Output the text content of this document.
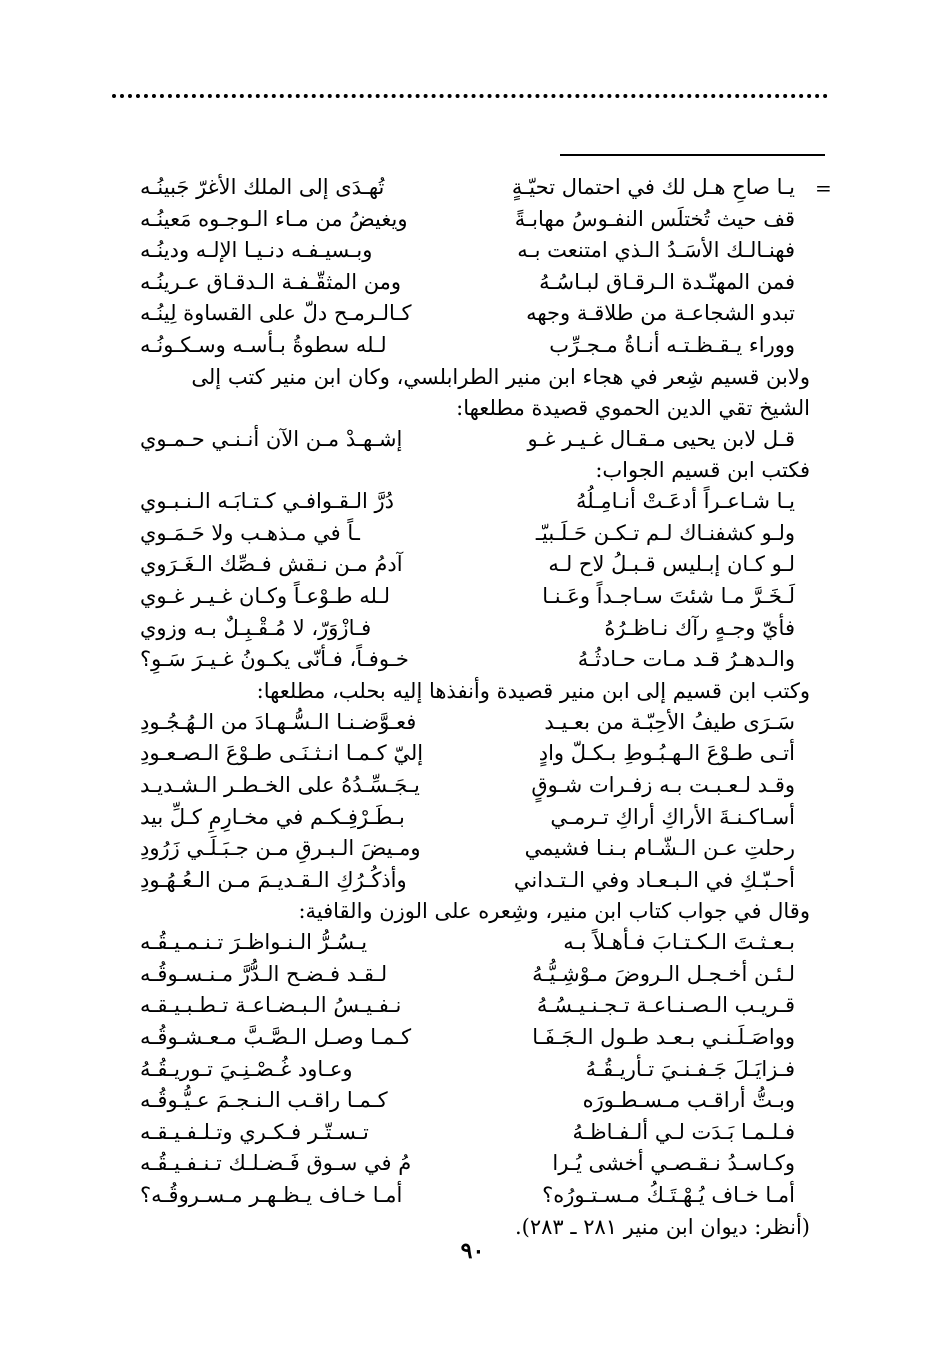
=
يـا صاحِ هـل لك في احتمال تحيّـةٍ
تُهـدَى إلى الملك الأغرّ جَبينُـه
قف حيث تُختلَس النفـوسُ مهابـةً
ويغيضُ من مـاء الـوجـوه مَعينُـه
فهنـالـك الأسَـدُ الـذي امتنعت بـه
وبـسيـفـه دنـيـا الإلـه ودينُـه
فمن المهنّـدة الـرقـاق لبـاسُـهُ
ومن المثقّـفـة الـدقـاق عـرينُـه
تبدو الشجاعـة من طلاقـة وجهه
كـالـرمـح دلّ على القساوة لِينُـه
ووراء يـقـظـتـه أنـاةُ مـجـرِّب
لـله سطوةُ بـأسـه وسـكـونُـه
ولابن قسيم شِعر في هجاء ابن منير الطرابلسي، وكان ابن منير كتب إلى الشيخ تقي الدين الحموي قصيدة مطلعها:
قـل لابن يحيى مـقـال غـيـر غـو
إشـهـدْ مـن الآن أنـنـي حـمـوي
فكتب ابن قسيم الجواب:
يـا شـاعـراً أدعَـتْ أنـامِـلُهُ
دُرَّ الـقـوافـي كـتـابَـه الـنـبـوي
ولـو كشفنـاك لـم تـكـن حَـلَـبيّـ
ـاً في مـذهـب ولا حَـمَـوي
لـو كـان إبـليس قـبـلُ لاح لـه
آدمُ مـن نـقش فـصِّك الـغَـرَوي
لَـخَـرَّ مـا شئتَ سـاجـداً وعَـنـا
لـله طـوْعـاً وكـان غـيـر غـوي
فأيّ وجـهٍ رآك نـاظـرُهُ
فـازْوَرّ، لا مُـقْـبِـلٌ بـه وزوي
والـدهـرُ قـد مـات حـادثُـهُ
خـوفـاً، فـأنّى يكـونُ غـيـرَ سَـوِ؟
وكتب ابن قسيم إلى ابن منير قصيدة وأنفذها إليه بحلب، مطلعها:
سَـرَى طيفُ الأحِبّـة من بعـيـد
فعـوَّضـنـا الـسُّـهـادَ من الـهُـجُـودِ
أتـى طـوْعَ الـهـبُـوطِ بـكـلّ وادٍ
إليّ كـمـا انـثـنَـى طـوْعَ الـصـعـودِ
وقـد لـعـبـت بـه زفـرات شـوقٍ
يـجَـسِّـدُهُ على الخـطـر الـشـديـد
أسـاكـنـةَ الأراكِ أراكِ تـرمـي
بـطَـرْفِـكـم في مخـارِمِ كـلِّ بيد
رحلتِ عـن الـشّـام بـنـا فشيمي
ومـيضَ الـبـرقِ مـن جـبَـلَـي زَرُودِ
أحـبّـكِ في الـبـعـاد وفي الـتـداني
وأذكُـرُكِ الـقـديـمَ مـن الـعُـهُـودِ
وقال في جواب كتاب ابن منير، وشِعره على الوزن والقافية:
بـعـثـتَ الـكـتـابَ فـأهـلاً بـه
يـسُـرُّ الـنـواظـرَ تـنـمـيـقُـه
لـئـن أخـجـل الـروضَ مـوْشِـيُّـهُ
لـقـد فـضـح الـدُّرَّ مـنـسـوقُـه
قـريـب الـصـنـاعـة تـجـنـيـسُـهُ
نـفـيـسُ الـبـضـاعـة تـطـبـيـقـه
وواصَـلَـنـي بـعـد طـول الـجَـفَـا
كـمـا وصـل الـصَّـبَّ مـعـشـوقُـه
فـزايَـلَ جَـفـنـيَ تـأريـقُـهُ
وعـاود غُـصْـنِـيَ تـوريـقُـهُ
وبـتُّ أراقـب مـسـطـورَه
كـمـا راقـب الـنـجـمَ عـيُّـوقُـه
فـلـمـا بَـدَت لـي ألـفـاظـهُ
تـسـتّـر فـكـري وتـلـفـيـقـه
وكـاسـدُ نـقـصـي أخشى يُـرا
مُ في سـوق فَـضـلـك تـنـفـيـقُـه
أمـا خـاف يُـهْـتَـكُ مـسـتـورُه؟
أمـا خـاف يـظـهـر مـسـروقُـه؟
(أنظر: ديوان ابن منير ٢٨١ ـ ٢٨٣).
٩٠
